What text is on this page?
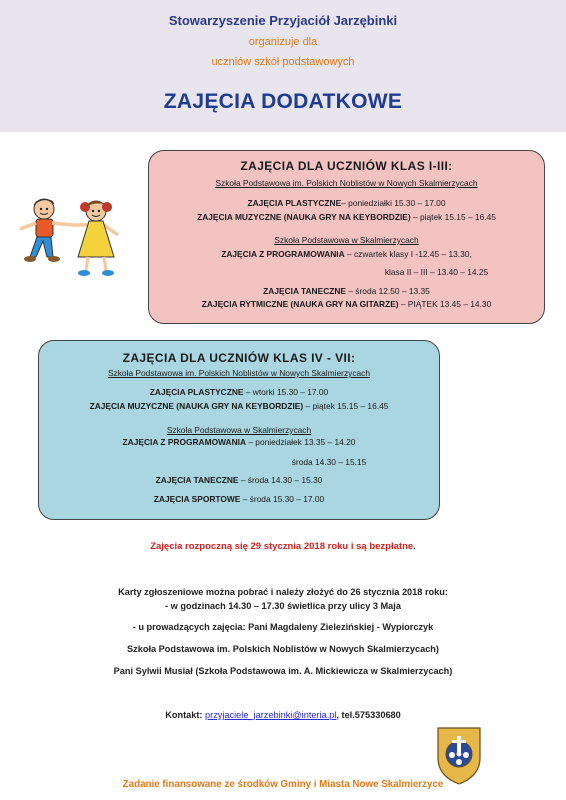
Stowarzyszenie Przyjaciół Jarzębinki
organizuje dla
uczniów szkół podstawowych
ZAJĘCIA DODATKOWE
ZAJĘCIA DLA UCZNIÓW KLAS I-III:
Szkoła Podstawowa im. Polskich Noblistów w Nowych Skalmierzycach
ZAJĘCIA PLASTYCZNE– poniedziałki 15.30 – 17.00
ZAJĘCIA MUZYCZNE (NAUKA GRY NA KEYBORDZIE) – piątek 15.15 – 16.45
Szkoła Podstawowa w Skalmierzycach
ZAJĘCIA Z PROGRAMOWANIA – czwartek klasy I -12.45 – 13.30,
klasa II – III – 13.40 – 14.25
ZAJĘCIA TANECZNE – środa 12.50 – 13.35
ZAJĘCIA RYTMICZNE (NAUKA GRY NA GITARZE) – PIĄTEK 13.45 – 14.30
ZAJĘCIA DLA UCZNIÓW KLAS IV - VII:
Szkoła Podstawowa im. Polskich Noblistów w Nowych Skalmierzycach
ZAJĘCIA PLASTYCZNE – wtorki 15.30 – 17.00
ZAJĘCIA MUZYCZNE (NAUKA GRY NA KEYBORDZIE) – piątek 15.15 – 16.45
Szkoła Podstawowa w Skalmierzycach
ZAJĘCIA Z PROGRAMOWANIA – poniedziałek 13.35 – 14.20
środa 14.30 – 15.15
ZAJĘCIA TANECZNE – środa 14.30 – 15.30
ZAJĘCIA SPORTOWE – środa 15.30 – 17.00
Zajęcia rozpoczną się 29 stycznia 2018 roku i są bezpłatne.
Karty zgłoszeniowe można pobrać i należy złożyć do 26 stycznia 2018 roku:
- w godzinach 14.30 – 17.30 świetlica przy ulicy 3 Maja
- u prowadzących zajęcia: Pani Magdaleny Zielezińskiej - Wypiorczyk
Szkoła Podstawowa im. Polskich Noblistów w Nowych Skalmierzycach)
Pani Sylwii Musiał (Szkoła Podstawowa im. A. Mickiewicza w Skalmierzycach)
Kontakt: przyjaciele_jarzebinki@interia.pl, tel.575330680
Zadanie finansowane ze środków Gminy i Miasta Nowe Skalmierzyce
